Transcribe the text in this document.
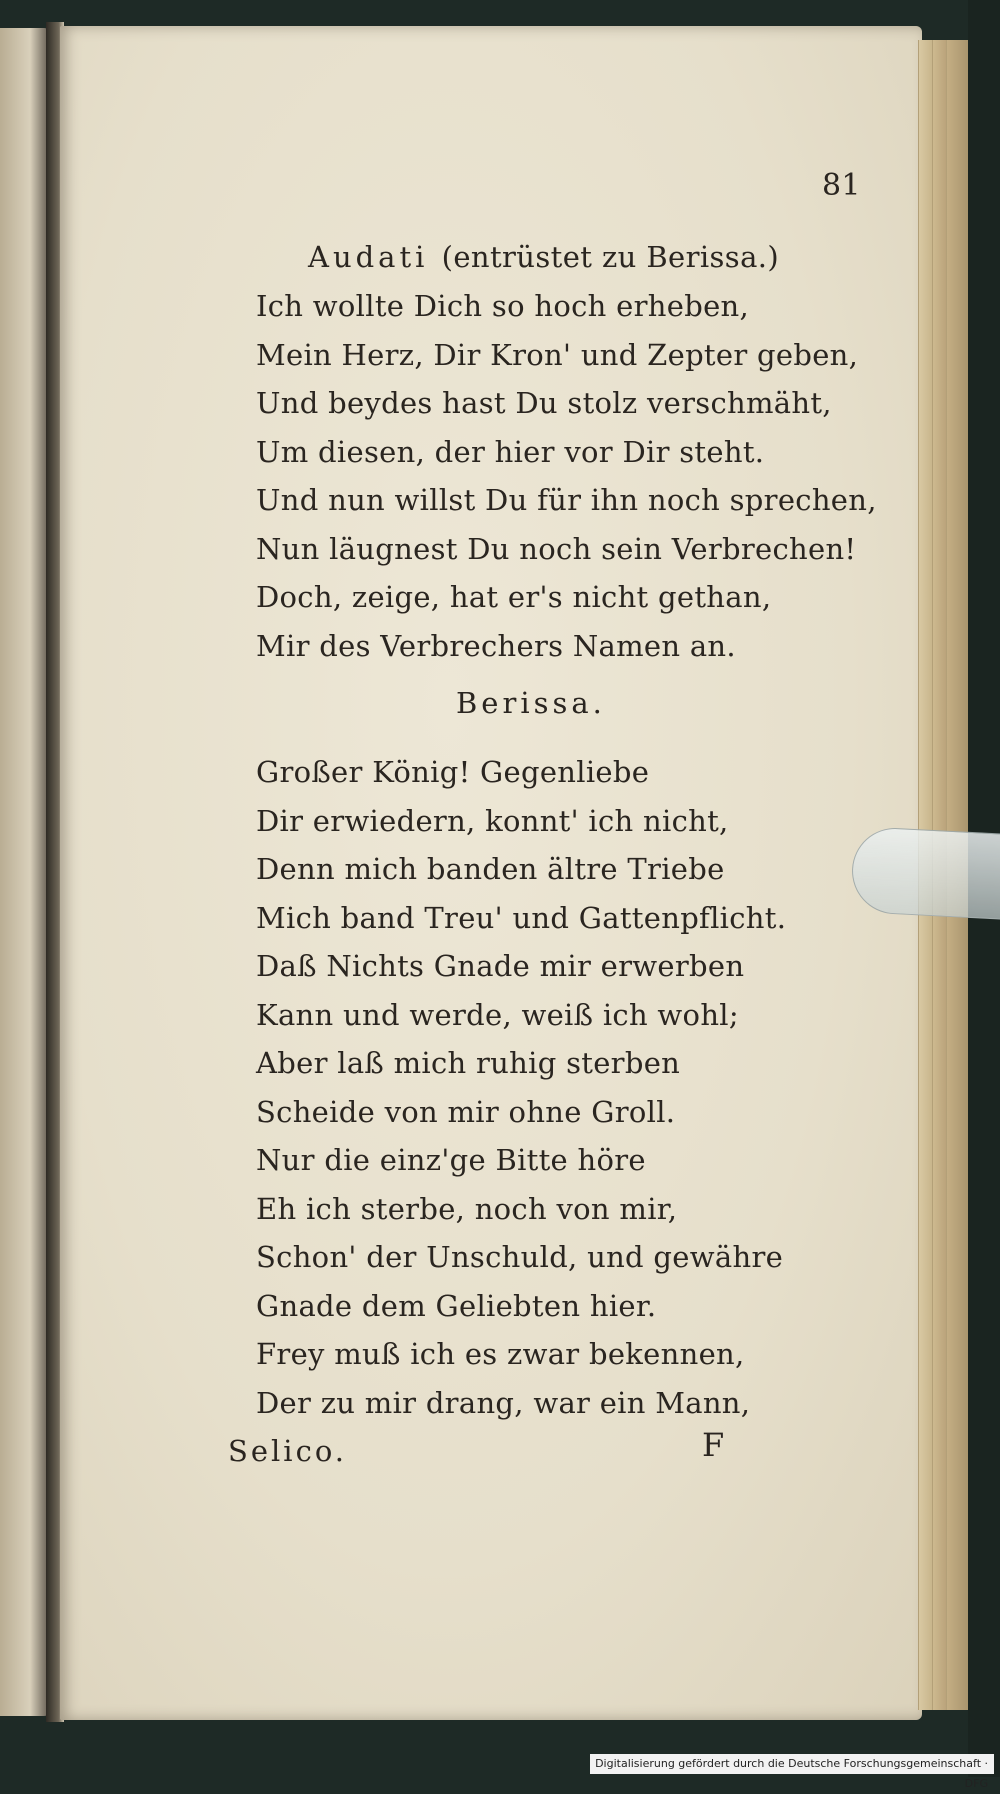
81
Audati (entrüstet zu Berissa.)
Ich wollte Dich so hoch erheben,
Mein Herz, Dir Kron' und Zepter geben,
Und beydes hast Du stolz verschmäht,
Um diesen, der hier vor Dir steht.
Und nun willst Du für ihn noch sprechen,
Nun läugnest Du noch sein Verbrechen!
Doch, zeige, hat er's nicht gethan,
Mir des Verbrechers Namen an.
Berissa.
Großer König! Gegenliebe
Dir erwiedern, konnt' ich nicht,
Denn mich banden ältre Triebe
Mich band Treu' und Gattenpflicht.
Daß Nichts Gnade mir erwerben
Kann und werde, weiß ich wohl;
Aber laß mich ruhig sterben
Scheide von mir ohne Groll.
Nur die einz'ge Bitte höre
Eh ich sterbe, noch von mir,
Schon' der Unschuld, und gewähre
Gnade dem Geliebten hier.
Frey muß ich es zwar bekennen,
Der zu mir drang, war ein Mann,
Selico.	F
Digitalisierung gefördert durch die Deutsche Forschungsgemeinschaft · DFG
